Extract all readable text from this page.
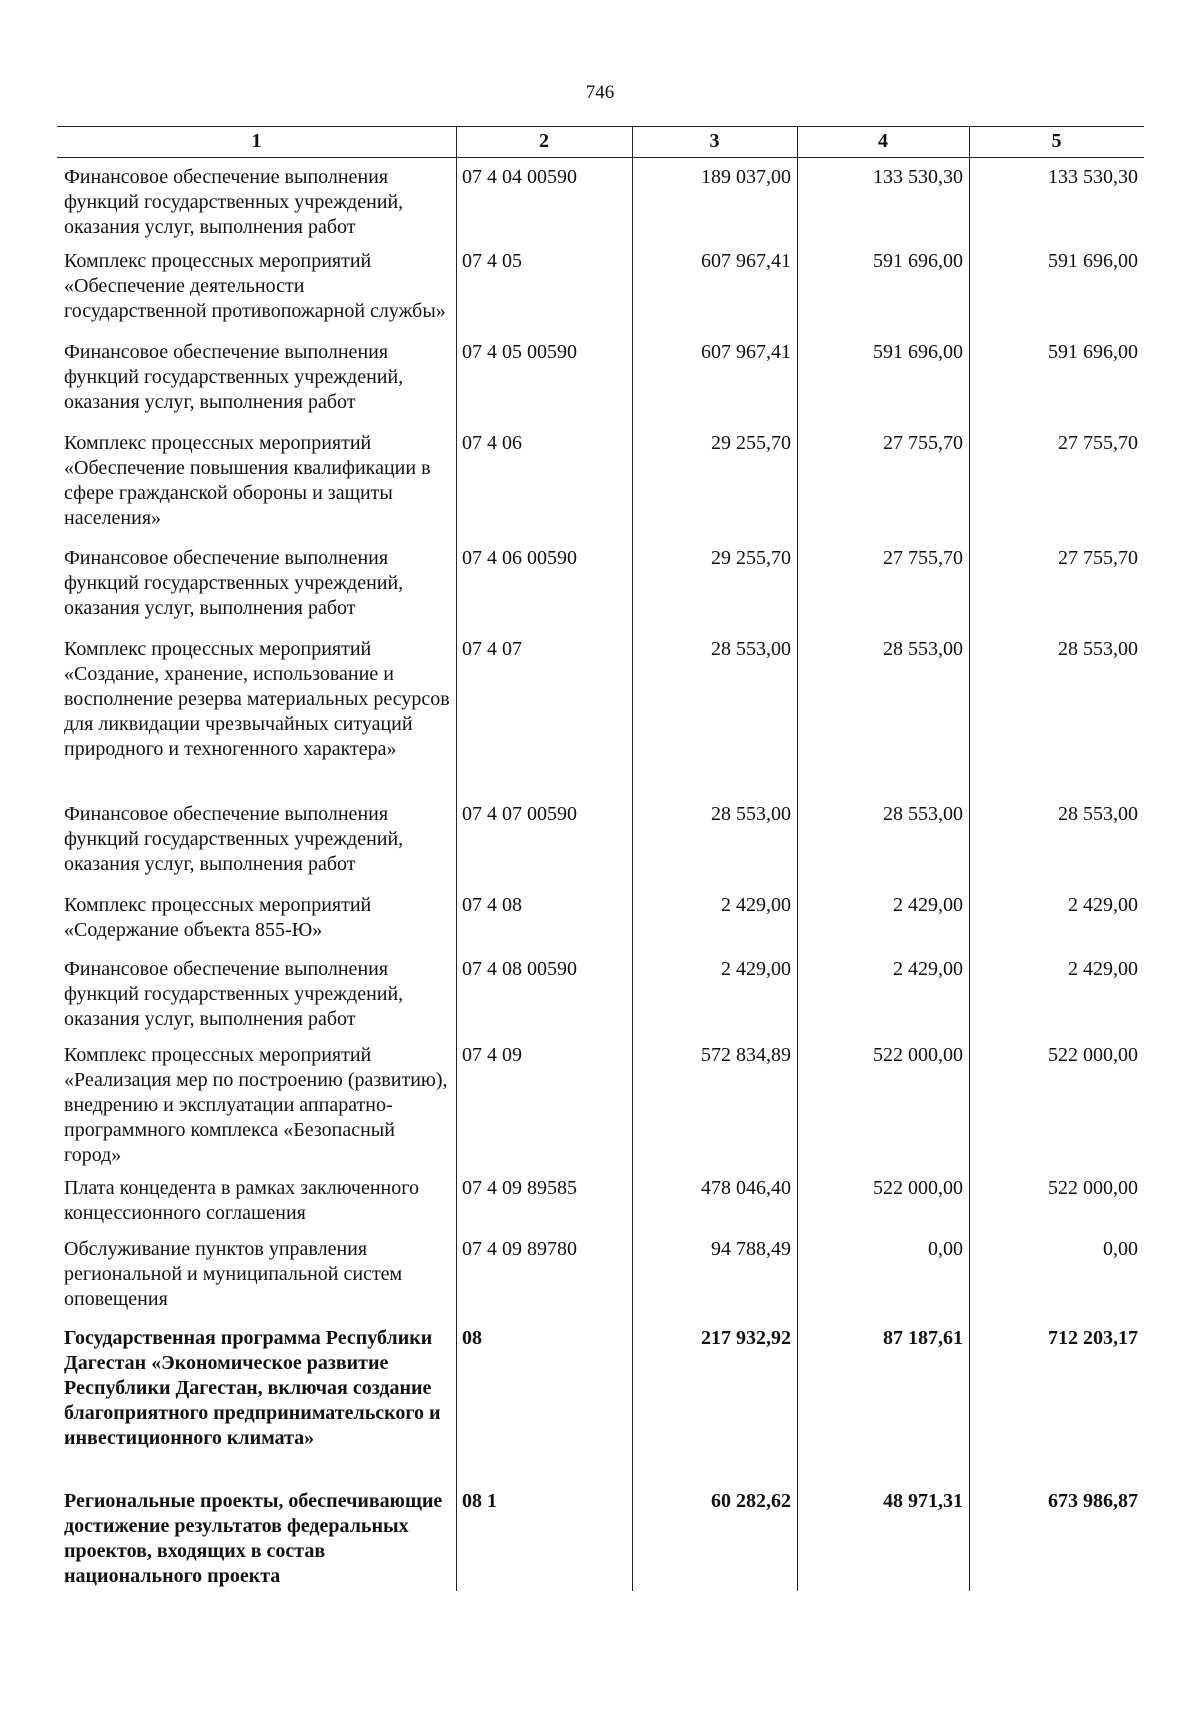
746
1	2	3	4	5
Финансовое обеспечение выполнения функций государственных учреждений, оказания услуг, выполнения работ	07 4 04 00590	189 037,00	133 530,30	133 530,30
Комплекс процессных мероприятий «Обеспечение деятельности государственной противопожарной службы»	07 4 05	607 967,41	591 696,00	591 696,00
Финансовое обеспечение выполнения функций государственных учреждений, оказания услуг, выполнения работ	07 4 05 00590	607 967,41	591 696,00	591 696,00
Комплекс процессных мероприятий «Обеспечение повышения квалификации в сфере гражданской обороны и защиты населения»	07 4 06	29 255,70	27 755,70	27 755,70
Финансовое обеспечение выполнения функций государственных учреждений, оказания услуг, выполнения работ	07 4 06 00590	29 255,70	27 755,70	27 755,70
Комплекс процессных мероприятий «Создание, хранение, использование и восполнение резерва материальных ресурсов для ликвидации чрезвычайных ситуаций природного и техногенного характера»	07 4 07	28 553,00	28 553,00	28 553,00
Финансовое обеспечение выполнения функций государственных учреждений, оказания услуг, выполнения работ	07 4 07 00590	28 553,00	28 553,00	28 553,00
Комплекс процессных мероприятий «Содержание объекта 855-Ю»	07 4 08	2 429,00	2 429,00	2 429,00
Финансовое обеспечение выполнения функций государственных учреждений, оказания услуг, выполнения работ	07 4 08 00590	2 429,00	2 429,00	2 429,00
Комплекс процессных мероприятий «Реализация мер по построению (развитию), внедрению и эксплуатации аппаратно-программного комплекса «Безопасный город»	07 4 09	572 834,89	522 000,00	522 000,00
Плата концедента в рамках заключенного концессионного соглашения	07 4 09 89585	478 046,40	522 000,00	522 000,00
Обслуживание пунктов управления региональной и муниципальной систем оповещения	07 4 09 89780	94 788,49	0,00	0,00
Государственная программа Республики Дагестан «Экономическое развитие Республики Дагестан, включая создание благоприятного предпринимательского и инвестиционного климата»	08	217 932,92	87 187,61	712 203,17
Региональные проекты, обеспечивающие достижение результатов федеральных проектов, входящих в состав национального проекта	08 1	60 282,62	48 971,31	673 986,87
